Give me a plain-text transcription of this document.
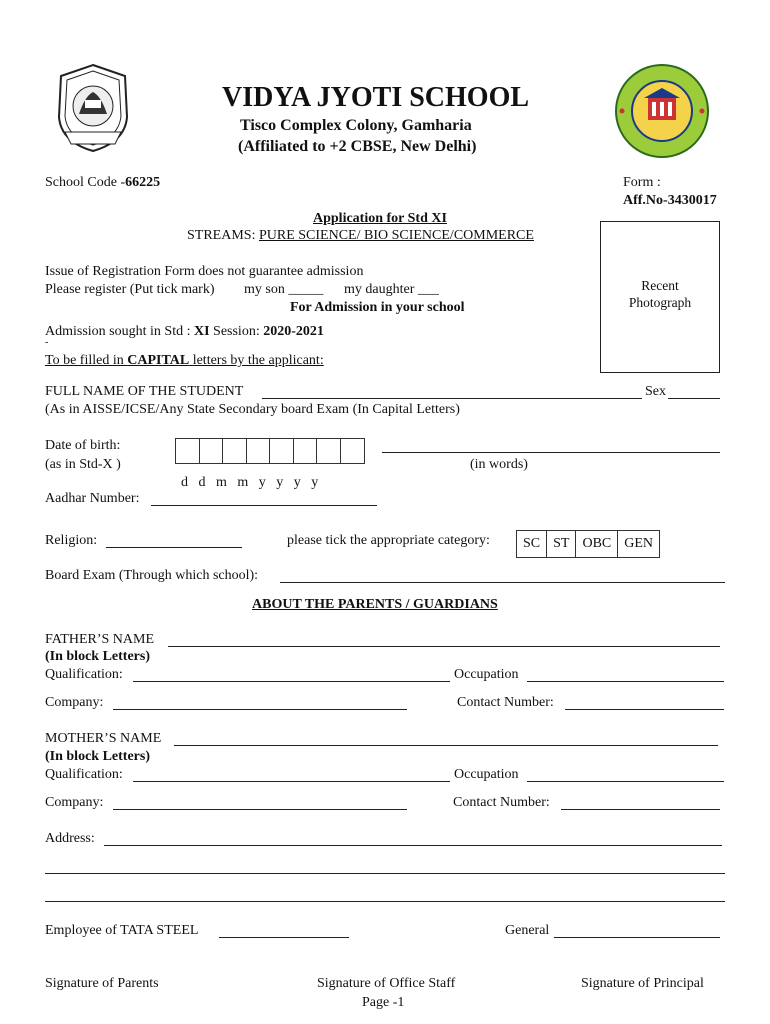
VIDYA JYOTI SCHOOL
Tisco Complex Colony, Gamharia
(Affiliated to +2 CBSE, New Delhi)
School Code -66225	Form :
Aff.No-3430017
Application for Std XI
STREAMS: PURE SCIENCE/ BIO SCIENCE/COMMERCE
Recent
Photograph
Issue of Registration Form does not guarantee admission
Please register (Put tick mark) my son _____ my daughter ___
For Admission in your school
Admission sought in Std : XI Session: 2020-2021
-
To be filled in CAPITAL letters by the applicant:
FULL NAME OF THE STUDENT	Sex
(As in AISSE/ICSE/Any State Secondary board Exam (In Capital Letters)
Date of birth:
(as in Std-X )	(in words)
d   d   m   m   y   y   y   y
Aadhar Number:
Religion:	please tick the appropriate category:	SC ST OBC GEN
Board Exam (Through which school):
ABOUT THE PARENTS / GUARDIANS
FATHER’S NAME
(In block Letters)
Qualification:	Occupation
Company:	Contact Number:
MOTHER’S NAME
(In block Letters)
Qualification:	Occupation
Company:	Contact Number:
Address:
Employee of TATA STEEL	General
Signature of Parents	Signature of Office Staff	Signature of Principal
Page -1
